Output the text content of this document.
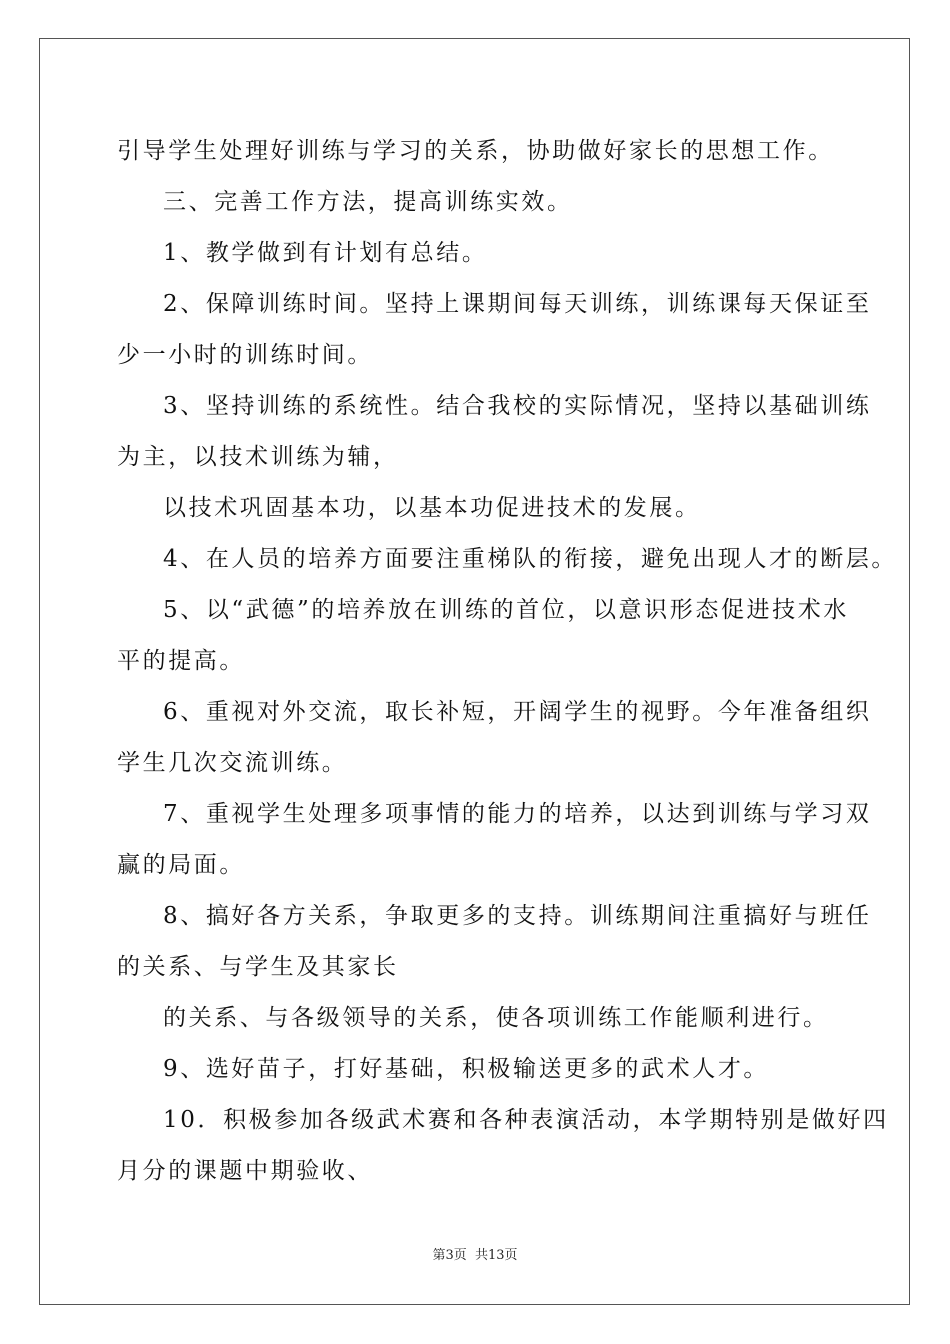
引导学生处理好训练与学习的关系，协助做好家长的思想工作。
三、完善工作方法，提高训练实效。
1、教学做到有计划有总结。
2、保障训练时间。坚持上课期间每天训练，训练课每天保证至
少一小时的训练时间。
3、坚持训练的系统性。结合我校的实际情况，坚持以基础训练
为主，以技术训练为辅，
以技术巩固基本功，以基本功促进技术的发展。
4、在人员的培养方面要注重梯队的衔接，避免出现人才的断层。
5、以“武德”的培养放在训练的首位，以意识形态促进技术水
平的提高。
6、重视对外交流，取长补短，开阔学生的视野。今年准备组织
学生几次交流训练。
7、重视学生处理多项事情的能力的培养，以达到训练与学习双
赢的局面。
8、搞好各方关系，争取更多的支持。训练期间注重搞好与班任
的关系、与学生及其家长
的关系、与各级领导的关系，使各项训练工作能顺利进行。
9、选好苗子，打好基础，积极输送更多的武术人才。
10．积极参加各级武术赛和各种表演活动，本学期特别是做好四
月分的课题中期验收、
第3页 共13页
